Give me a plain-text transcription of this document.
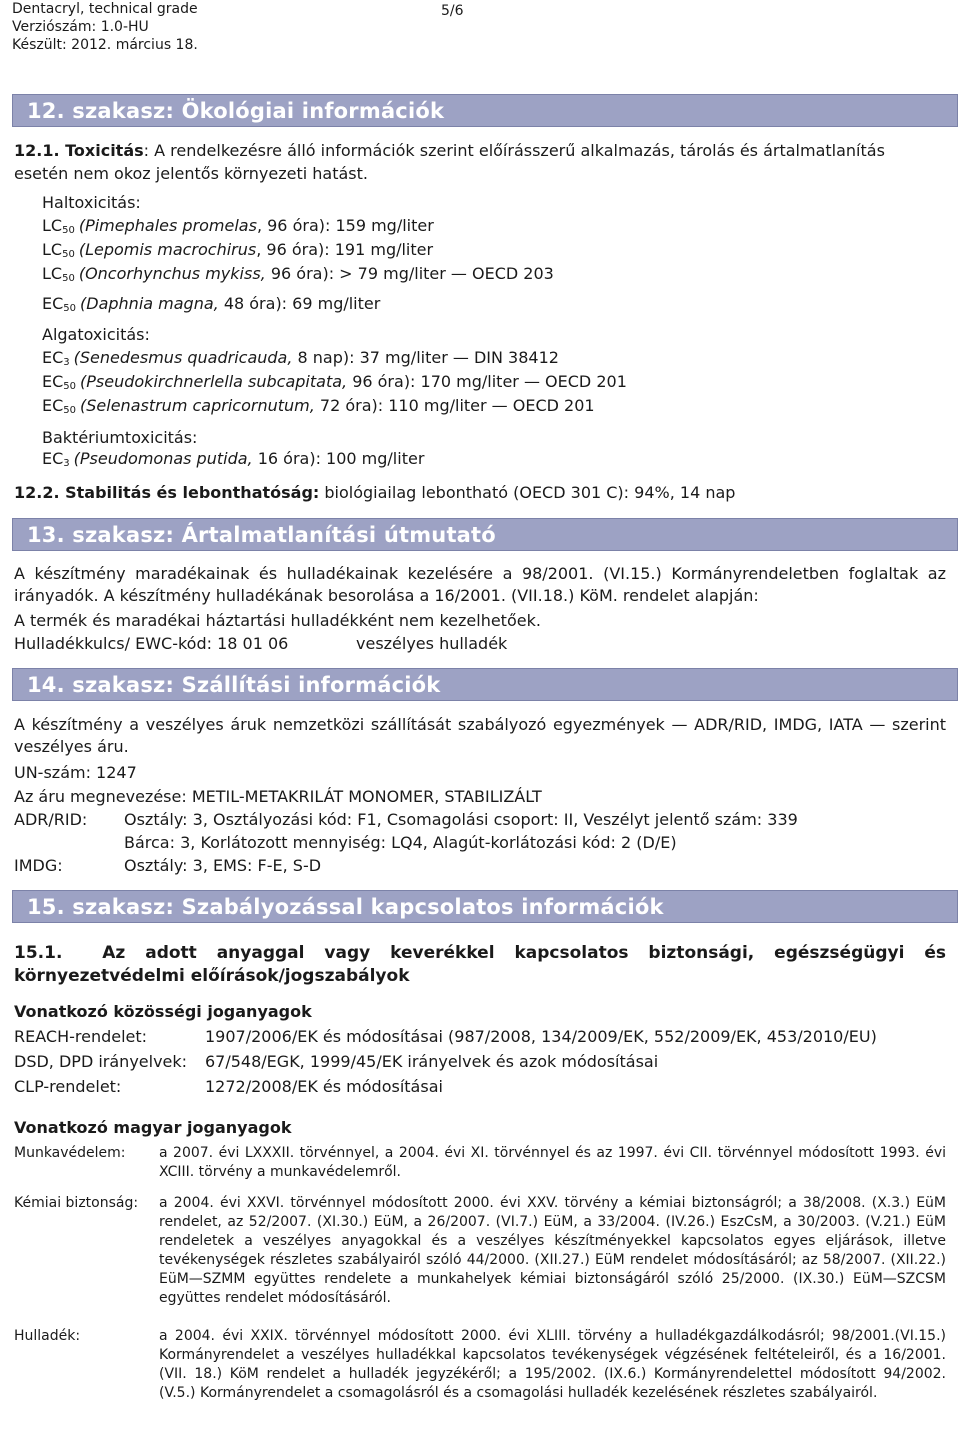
Dentacryl, technical grade
Verziószám: 1.0-HU
Készült: 2012. március 18.
5/6
12. szakasz: Ökológiai információk
12.1. Toxicitás: A rendelkezésre álló információk szerint előírásszerű alkalmazás, tárolás és ártalmatlanítás
esetén nem okoz jelentős környezeti hatást.
Haltoxicitás:
$LC_{50}$ (Pimephales promelas, 96 óra): 159 mg/liter
$LC_{50}$ (Lepomis macrochirus, 96 óra): 191 mg/liter
$LC_{50}$ (Oncorhynchus mykiss, 96 óra): > 79 mg/liter — OECD 203
$EC_{50}$ (Daphnia magna, 48 óra): 69 mg/liter
Algatoxicitás:
$EC_3$ (Senedesmus quadricauda, 8 nap): 37 mg/liter — DIN 38412
$EC_{50}$ (Pseudokirchnerlella subcapitata, 96 óra): 170 mg/liter — OECD 201
$EC_{50}$ (Selenastrum capricornutum, 72 óra): 110 mg/liter — OECD 201
Baktériumtoxicitás:
$EC_3$ (Pseudomonas putida, 16 óra): 100 mg/liter
12.2. Stabilitás és lebonthatóság: biológiailag lebontható (OECD 301 C): 94%, 14 nap
13. szakasz: Ártalmatlanítási útmutató
A készítmény maradékainak és hulladékainak kezelésére a 98/2001. (VI.15.) Kormányrendeletben foglaltak az irányadók. A készítmény hulladékának besorolása a 16/2001. (VII.18.) KöM. rendelet alapján:
A termék és maradékai háztartási hulladékként nem kezelhetőek.
Hulladékkulcs/ EWC-kód: 18 01 06	veszélyes hulladék
14. szakasz: Szállítási információk
A készítmény a veszélyes áruk nemzetközi szállítását szabályozó egyezmények — ADR/RID, IMDG, IATA — szerint veszélyes áru.
UN-szám: 1247
Az áru megnevezése: METIL-METAKRILÁT MONOMER, STABILIZÁLT
ADR/RID: Osztály: 3, Osztályozási kód: F1, Csomagolási csoport: II, Veszélyt jelentő szám: 339
Bárca: 3, Korlátozott mennyiség: LQ4, Alagút-korlátozási kód: 2 (D/E)
IMDG:	Osztály: 3, EMS: F-E, S-D
15. szakasz: Szabályozással kapcsolatos információk
15.1. Az adott anyaggal vagy keverékkel kapcsolatos biztonsági, egészségügyi és környezetvédelmi előírások/jogszabályok
Vonatkozó közösségi joganyagok
REACH-rendelet:	1907/2006/EK és módosításai (987/2008, 134/2009/EK, 552/2009/EK, 453/2010/EU)
DSD, DPD irányelvek: 67/548/EGK, 1999/45/EK irányelvek és azok módosításai
CLP-rendelet:	1272/2008/EK és módosításai
Vonatkozó magyar joganyagok
Munkavédelem: a 2007. évi LXXXII. törvénnyel, a 2004. évi XI. törvénnyel és az 1997. évi CII. törvénnyel módosított 1993. évi XCIII. törvény a munkavédelemről.
Kémiai biztonság: a 2004. évi XXVI. törvénnyel módosított 2000. évi XXV. törvény a kémiai biztonságról; a 38/2008. (X.3.) EüM rendelet, az 52/2007. (XI.30.) EüM, a 26/2007. (VI.7.) EüM, a 33/2004. (IV.26.) EszCsM, a 30/2003. (V.21.) EüM rendeletek a veszélyes anyagokkal és a veszélyes készítményekkel kapcsolatos egyes eljárások, illetve tevékenységek részletes szabályairól szóló 44/2000. (XII.27.) EüM rendelet módosításáról; az 58/2007. (XII.22.) EüM—SZMM együttes rendelete a munkahelyek kémiai biztonságáról szóló 25/2000. (IX.30.) EüM—SZCSM együttes rendelet módosításáról.
Hulladék:	a 2004. évi XXIX. törvénnyel módosított 2000. évi XLIII. törvény a hulladékgazdálkodásról; 98/2001.(VI.15.) Kormányrendelet a veszélyes hulladékkal kapcsolatos tevékenységek végzésének feltételeiről, és a 16/2001. (VII. 18.) KöM rendelet a hulladék jegyzékéről; a 195/2002. (IX.6.) Kormányrendelettel módosított 94/2002. (V.5.) Kormányrendelet a csomagolásról és a csomagolási hulladék kezelésének részletes szabályairól.
